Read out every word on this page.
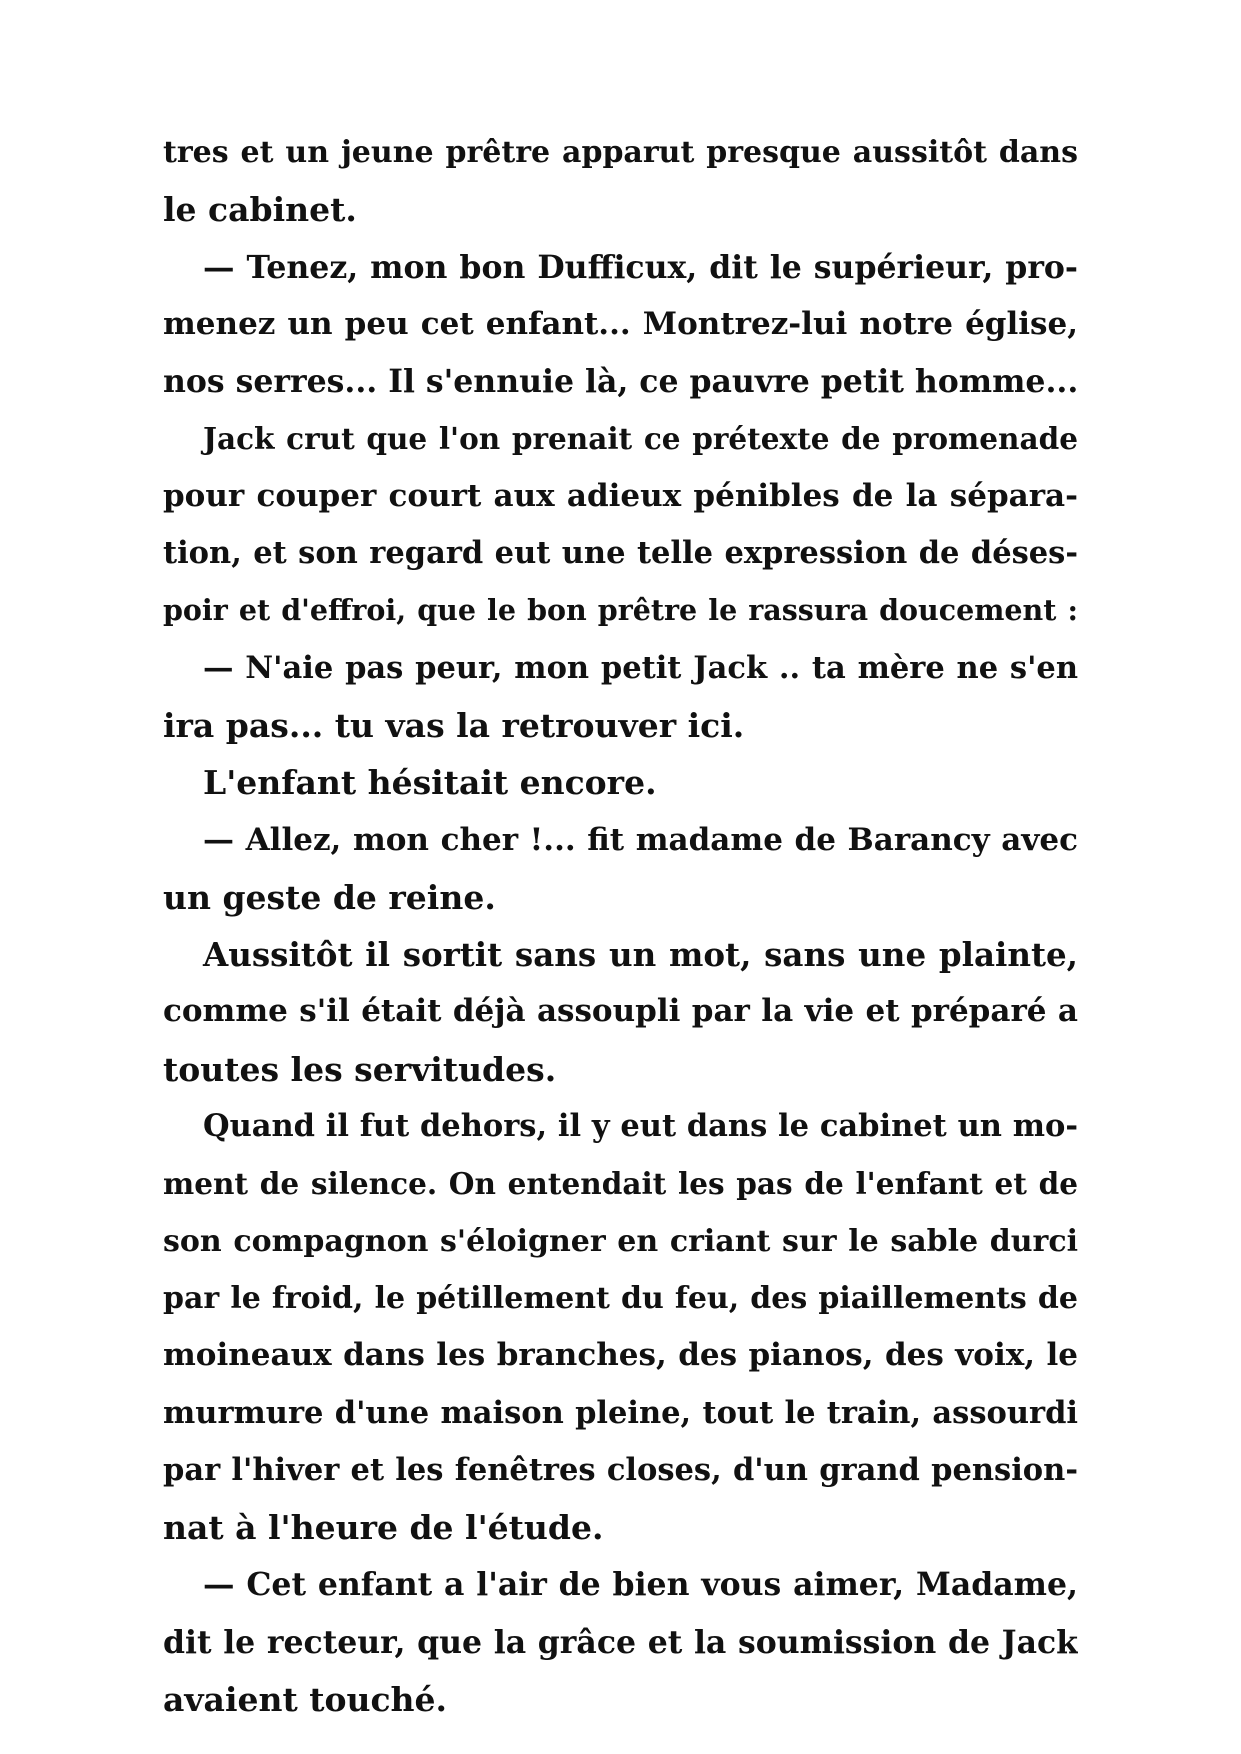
tres et un jeune prêtre apparut presque aussitôt dans
le cabinet.
— Tenez, mon bon Dufficux, dit le supérieur, pro-
menez un peu cet enfant... Montrez-lui notre église,
nos serres... Il s'ennuie là, ce pauvre petit homme...
Jack crut que l'on prenait ce prétexte de promenade
pour couper court aux adieux pénibles de la sépara-
tion, et son regard eut une telle expression de déses-
poir et d'effroi, que le bon prêtre le rassura doucement :
— N'aie pas peur, mon petit Jack .. ta mère ne s'en
ira pas... tu vas la retrouver ici.
L'enfant hésitait encore.
— Allez, mon cher !... fit madame de Barancy avec
un geste de reine.
Aussitôt il sortit sans un mot, sans une plainte,
comme s'il était déjà assoupli par la vie et préparé a
toutes les servitudes.
Quand il fut dehors, il y eut dans le cabinet un mo-
ment de silence. On entendait les pas de l'enfant et de
son compagnon s'éloigner en criant sur le sable durci
par le froid, le pétillement du feu, des piaillements de
moineaux dans les branches, des pianos, des voix, le
murmure d'une maison pleine, tout le train, assourdi
par l'hiver et les fenêtres closes, d'un grand pension-
nat à l'heure de l'étude.
— Cet enfant a l'air de bien vous aimer, Madame,
dit le recteur, que la grâce et la soumission de Jack
avaient touché.
